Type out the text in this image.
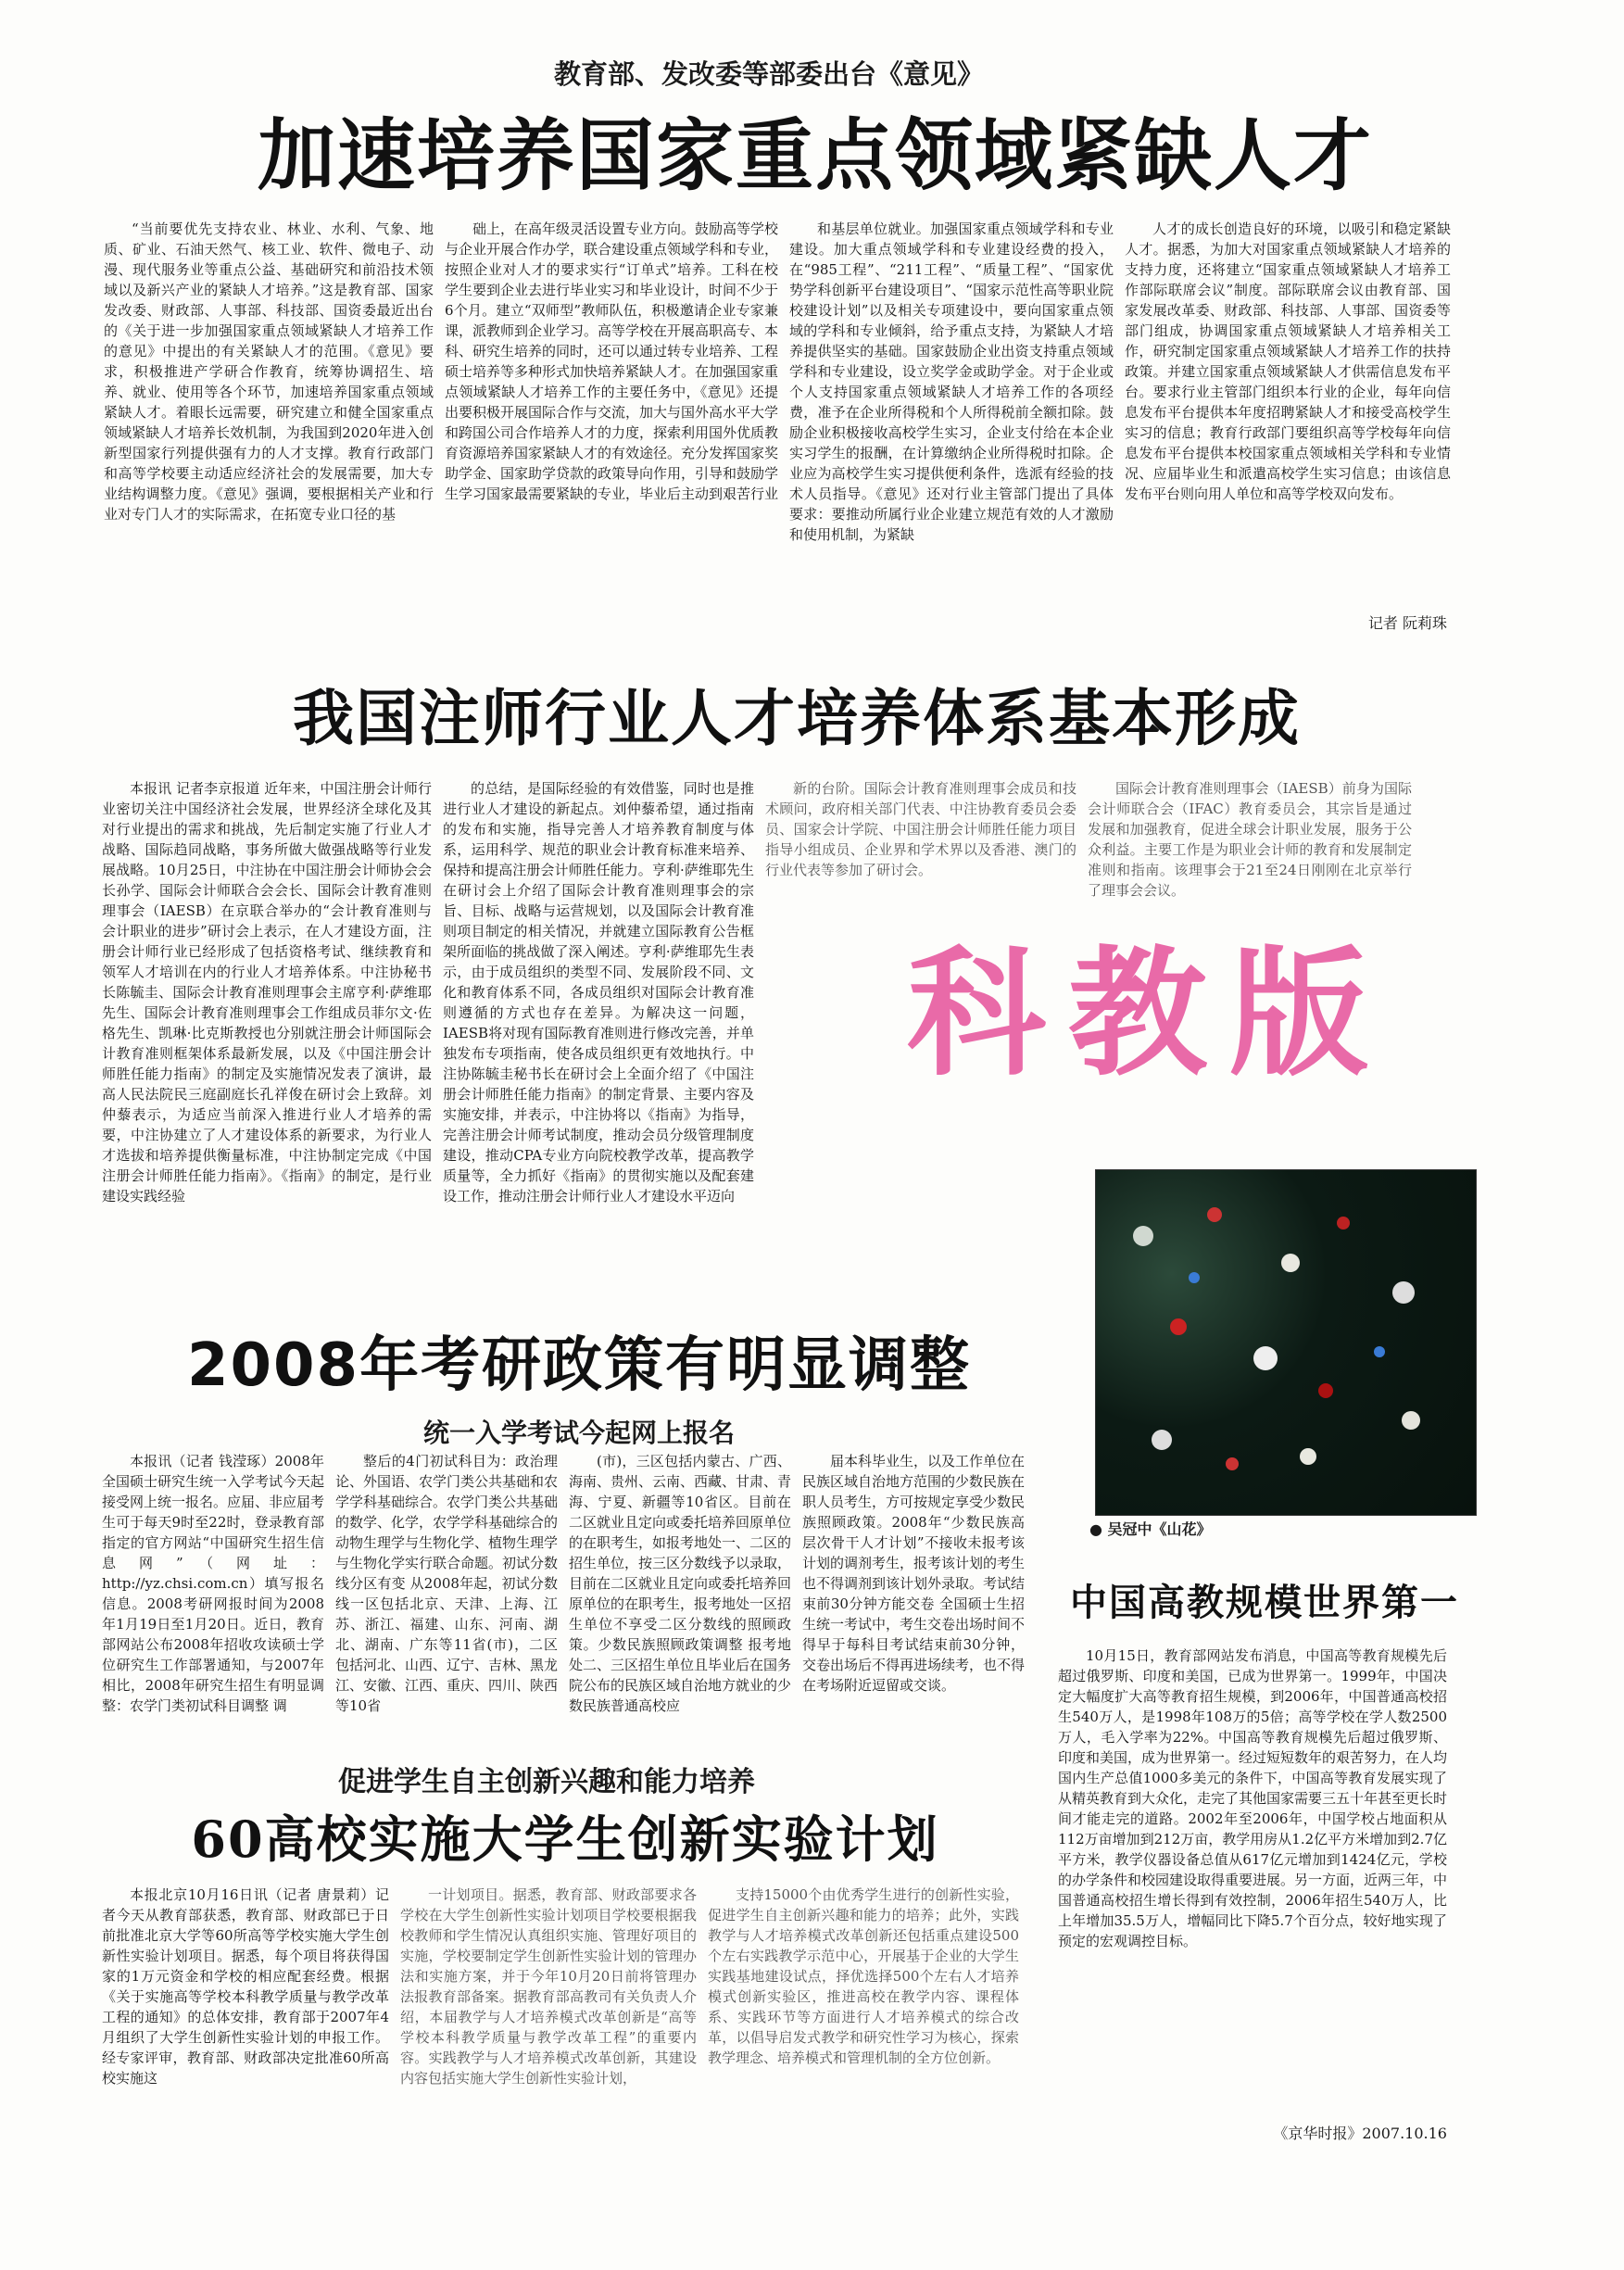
教育部、发改委等部委出台《意见》
加速培养国家重点领域紧缺人才

“当前要优先支持农业、林业、水利、气象、地质、矿业、石油天然气、核工业、软件、微电子、动漫、现代服务业等重点公益、基础研究和前沿技术领域以及新兴产业的紧缺人才培养。”这是教育部、国家发改委、财政部、人事部、科技部、国资委最近出台的《关于进一步加强国家重点领域紧缺人才培养工作的意见》中提出的有关紧缺人才的范围。《意见》要求，积极推进产学研合作教育，统筹协调招生、培养、就业、使用等各个环节，加速培养国家重点领域紧缺人才。着眼长远需要，研究建立和健全国家重点领域紧缺人才培养长效机制，为我国到2020年进入创新型国家行列提供强有力的人才支撑。教育行政部门和高等学校要主动适应经济社会的发展需要，加大专业结构调整力度。《意见》强调，要根据相关产业和行业对专门人才的实际需求，在拓宽专业口径的基

础上，在高年级灵活设置专业方向。鼓励高等学校与企业开展合作办学，联合建设重点领域学科和专业，按照企业对人才的要求实行“订单式”培养。工科在校学生要到企业去进行毕业实习和毕业设计，时间不少于6个月。建立“双师型”教师队伍，积极邀请企业专家兼课，派教师到企业学习。高等学校在开展高职高专、本科、研究生培养的同时，还可以通过转专业培养、工程硕士培养等多种形式加快培养紧缺人才。在加强国家重点领域紧缺人才培养工作的主要任务中，《意见》还提出要积极开展国际合作与交流，加大与国外高水平大学和跨国公司合作培养人才的力度，探索利用国外优质教育资源培养国家紧缺人才的有效途径。充分发挥国家奖助学金、国家助学贷款的政策导向作用，引导和鼓励学生学习国家最需要紧缺的专业，毕业后主动到艰苦行业

和基层单位就业。加强国家重点领域学科和专业建设。加大重点领域学科和专业建设经费的投入，在“985工程”、“211工程”、“质量工程”、“国家优势学科创新平台建设项目”、“国家示范性高等职业院校建设计划”以及相关专项建设中，要向国家重点领域的学科和专业倾斜，给予重点支持，为紧缺人才培养提供坚实的基础。国家鼓励企业出资支持重点领域学科和专业建设，设立奖学金或助学金。对于企业或个人支持国家重点领域紧缺人才培养工作的各项经费，准予在企业所得税和个人所得税前全额扣除。鼓励企业积极接收高校学生实习，企业支付给在本企业实习学生的报酬，在计算缴纳企业所得税时扣除。企业应为高校学生实习提供便利条件，选派有经验的技术人员指导。《意见》还对行业主管部门提出了具体要求：要推动所属行业企业建立规范有效的人才激励和使用机制，为紧缺

人才的成长创造良好的环境，以吸引和稳定紧缺人才。据悉，为加大对国家重点领域紧缺人才培养的支持力度，还将建立“国家重点领域紧缺人才培养工作部际联席会议”制度。部际联席会议由教育部、国家发展改革委、财政部、科技部、人事部、国资委等部门组成，协调国家重点领域紧缺人才培养相关工作，研究制定国家重点领域紧缺人才培养工作的扶持政策。并建立国家重点领域紧缺人才供需信息发布平台。要求行业主管部门组织本行业的企业，每年向信息发布平台提供本年度招聘紧缺人才和接受高校学生实习的信息；教育行政部门要组织高等学校每年向信息发布平台提供本校国家重点领域相关学科和专业情况、应届毕业生和派遣高校学生实习信息；由该信息发布平台则向用人单位和高等学校双向发布。

记者 阮莉珠
我国注师行业人才培养体系基本形成

本报讯 记者李京报道 近年来，中国注册会计师行业密切关注中国经济社会发展，世界经济全球化及其对行业提出的需求和挑战，先后制定实施了行业人才战略、国际趋同战略，事务所做大做强战略等行业发展战略。10月25日，中注协在中国注册会计师协会会长孙学、国际会计师联合会会长、国际会计教育准则理事会（IAESB）在京联合举办的“会计教育准则与会计职业的进步”研讨会上表示，在人才建设方面，注册会计师行业已经形成了包括资格考试、继续教育和领军人才培训在内的行业人才培养体系。中注协秘书长陈毓圭、国际会计教育准则理事会主席亨利·萨维耶先生、国际会计教育准则理事会工作组成员菲尔文·佐格先生、凯琳·比克斯教授也分别就注册会计师国际会计教育准则框架体系最新发展，以及《中国注册会计师胜任能力指南》的制定及实施情况发表了演讲，最高人民法院民三庭副庭长孔祥俊在研讨会上致辞。刘仲藜表示，为适应当前深入推进行业人才培养的需要，中注协建立了人才建设体系的新要求，为行业人才选拔和培养提供衡量标准，中注协制定完成《中国注册会计师胜任能力指南》。《指南》的制定，是行业建设实践经验

的总结，是国际经验的有效借鉴，同时也是推进行业人才建设的新起点。刘仲藜希望，通过指南的发布和实施，指导完善人才培养教育制度与体系，运用科学、规范的职业会计教育标准来培养、保持和提高注册会计师胜任能力。亨利·萨维耶先生在研讨会上介绍了国际会计教育准则理事会的宗旨、目标、战略与运营规划，以及国际会计教育准则项目制定的相关情况，并就建立国际教育公告框架所面临的挑战做了深入阐述。亨利·萨维耶先生表示，由于成员组织的类型不同、发展阶段不同、文化和教育体系不同，各成员组织对国际会计教育准则遵循的方式也存在差异。为解决这一问题，IAESB将对现有国际教育准则进行修改完善，并单独发布专项指南，使各成员组织更有效地执行。中注协陈毓圭秘书长在研讨会上全面介绍了《中国注册会计师胜任能力指南》的制定背景、主要内容及实施安排，并表示，中注协将以《指南》为指导，完善注册会计师考试制度，推动会员分级管理制度建设，推动CPA专业方向院校教学改革，提高教学质量等，全力抓好《指南》的贯彻实施以及配套建设工作，推动注册会计师行业人才建设水平迈向

新的台阶。国际会计教育准则理事会成员和技术顾问，政府相关部门代表、中注协教育委员会委员、国家会计学院、中国注册会计师胜任能力项目指导小组成员、企业界和学术界以及香港、澳门的行业代表等参加了研讨会。

国际会计教育准则理事会（IAESB）前身为国际会计师联合会（IFAC）教育委员会，其宗旨是通过发展和加强教育，促进全球会计职业发展，服务于公众利益。主要工作是为职业会计师的教育和发展制定准则和指南。该理事会于21至24日刚刚在北京举行了理事会会议。

科教版
● 吴冠中《山花》
2008年考研政策有明显调整
统一入学考试今起网上报名

本报讯（记者 钱滢琢）2008年全国硕士研究生统一入学考试今天起接受网上统一报名。应届、非应届考生可于每天9时至22时，登录教育部指定的官方网站“中国研究生招生信息网”（网址：http://yz.chsi.com.cn）填写报名信息。2008考研网报时间为2008年1月19日至1月20日。近日，教育部网站公布2008年招收攻读硕士学位研究生工作部署通知，与2007年相比，2008年研究生招生有明显调整：农学门类初试科目调整 调

整后的4门初试科目为：政治理论、外国语、农学门类公共基础和农学学科基础综合。农学门类公共基础的数学、化学，农学学科基础综合的动物生理学与生物化学、植物生理学与生物化学实行联合命题。初试分数线分区有变 从2008年起，初试分数线一区包括北京、天津、上海、江苏、浙江、福建、山东、河南、湖北、湖南、广东等11省(市)，二区包括河北、山西、辽宁、吉林、黑龙江、安徽、江西、重庆、四川、陕西等10省

(市)，三区包括内蒙古、广西、海南、贵州、云南、西藏、甘肃、青海、宁夏、新疆等10省区。目前在二区就业且定向或委托培养回原单位的在职考生，如报考地处一、二区的招生单位，按三区分数线予以录取，目前在二区就业且定向或委托培养回原单位的在职考生，报考地处一区招生单位不享受二区分数线的照顾政策。少数民族照顾政策调整 报考地处二、三区招生单位且毕业后在国务院公布的民族区域自治地方就业的少数民族普通高校应

届本科毕业生，以及工作单位在民族区域自治地方范围的少数民族在职人员考生，方可按规定享受少数民族照顾政策。2008年“少数民族高层次骨干人才计划”不接收未报考该计划的调剂考生，报考该计划的考生也不得调剂到该计划外录取。考试结束前30分钟方能交卷 全国硕士生招生统一考试中，考生交卷出场时间不得早于每科目考试结束前30分钟，交卷出场后不得再进场续考，也不得在考场附近逗留或交谈。

中国高教规模世界第一

10月15日，教育部网站发布消息，中国高等教育规模先后超过俄罗斯、印度和美国，已成为世界第一。1999年，中国决定大幅度扩大高等教育招生规模，到2006年，中国普通高校招生540万人，是1998年108万的5倍；高等学校在学人数2500万人，毛入学率为22%。中国高等教育规模先后超过俄罗斯、印度和美国，成为世界第一。经过短短数年的艰苦努力，在人均国内生产总值1000多美元的条件下，中国高等教育发展实现了从精英教育到大众化，走完了其他国家需要三五十年甚至更长时间才能走完的道路。2002年至2006年，中国学校占地面积从112万亩增加到212万亩，教学用房从1.2亿平方米增加到2.7亿平方米，教学仪器设备总值从617亿元增加到1424亿元，学校的办学条件和校园建设取得重要进展。另一方面，近两三年，中国普通高校招生增长得到有效控制，2006年招生540万人，比上年增加35.5万人，增幅同比下降5.7个百分点，较好地实现了预定的宏观调控目标。

《京华时报》2007.10.16
促进学生自主创新兴趣和能力培养
60高校实施大学生创新实验计划

本报北京10月16日讯（记者 唐景莉）记者今天从教育部获悉，教育部、财政部已于日前批准北京大学等60所高等学校实施大学生创新性实验计划项目。据悉，每个项目将获得国家的1万元资金和学校的相应配套经费。根据《关于实施高等学校本科教学质量与教学改革工程的通知》的总体安排，教育部于2007年4月组织了大学生创新性实验计划的申报工作。经专家评审，教育部、财政部决定批准60所高校实施这

一计划项目。据悉，教育部、财政部要求各学校在大学生创新性实验计划项目学校要根据我校教师和学生情况认真组织实施、管理好项目的实施，学校要制定学生创新性实验计划的管理办法和实施方案，并于今年10月20日前将管理办法报教育部备案。据教育部高教司有关负责人介绍，本届教学与人才培养模式改革创新是“高等学校本科教学质量与教学改革工程”的重要内容。实践教学与人才培养模式改革创新，其建设内容包括实施大学生创新性实验计划，

支持15000个由优秀学生进行的创新性实验，促进学生自主创新兴趣和能力的培养；此外，实践教学与人才培养模式改革创新还包括重点建设500个左右实践教学示范中心，开展基于企业的大学生实践基地建设试点，择优选择500个左右人才培养模式创新实验区，推进高校在教学内容、课程体系、实践环节等方面进行人才培养模式的综合改革，以倡导启发式教学和研究性学习为核心，探索教学理念、培养模式和管理机制的全方位创新。
